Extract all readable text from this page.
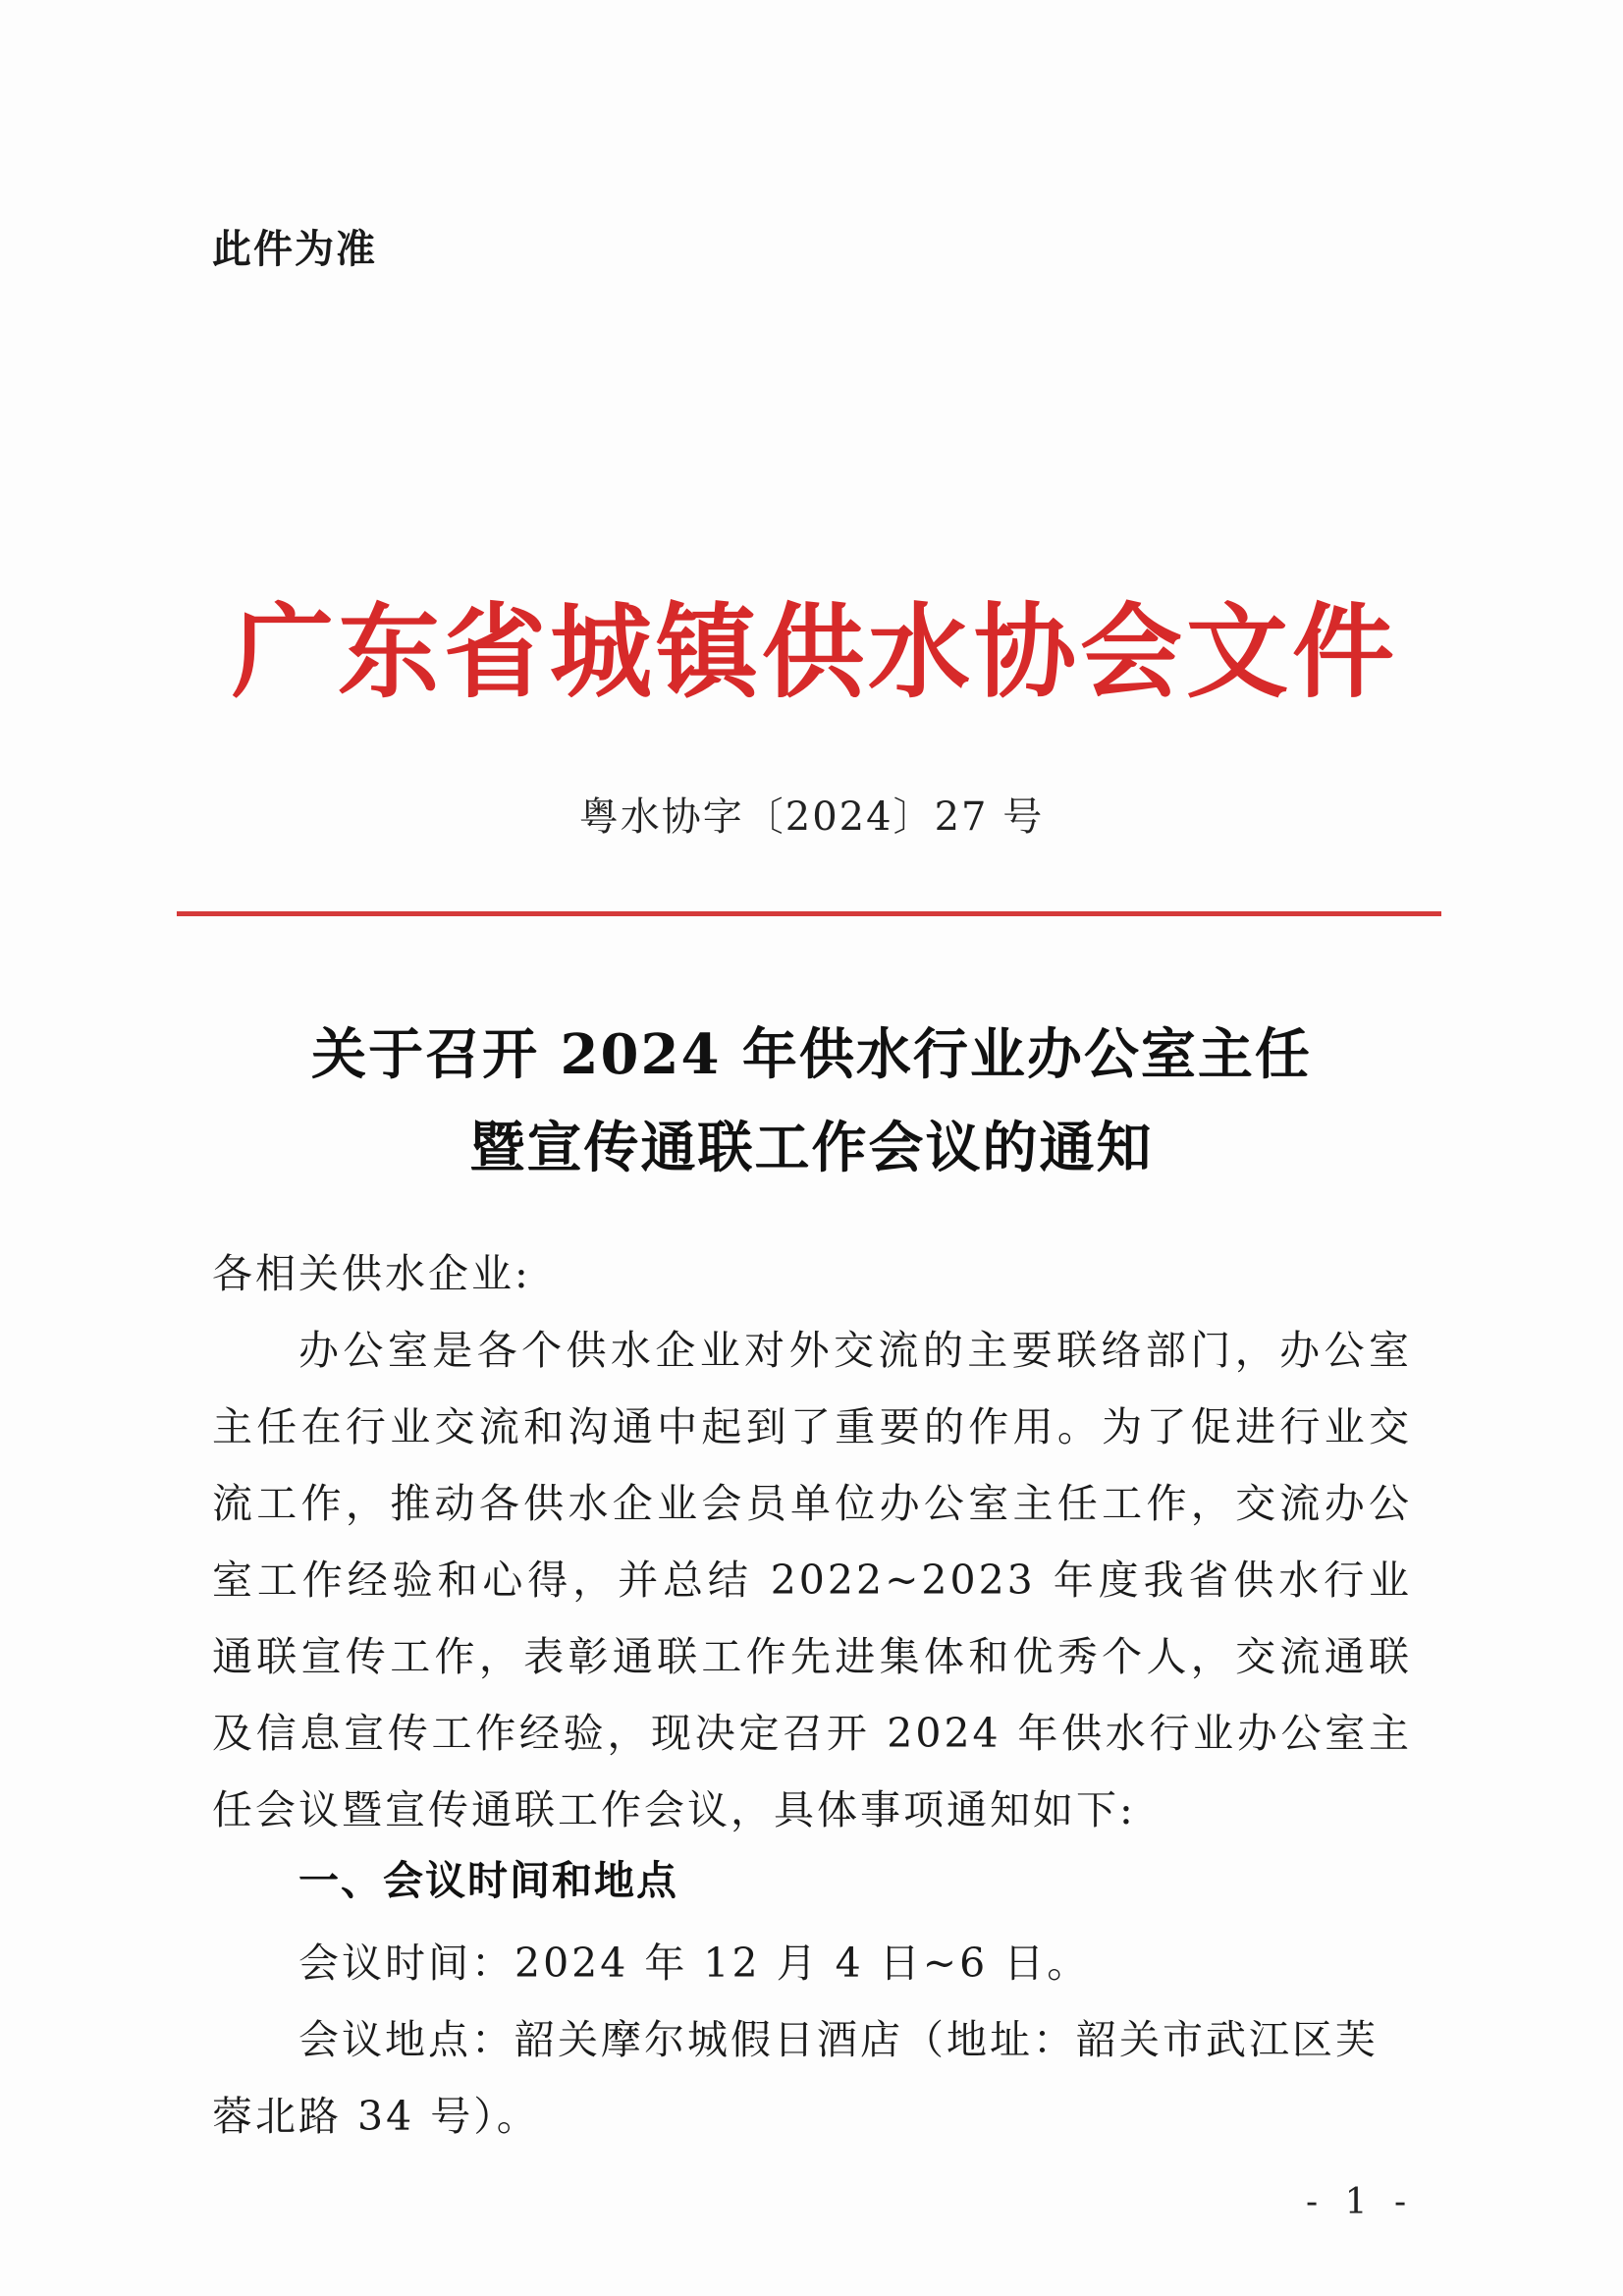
此件为准
广东省城镇供水协会文件
粤水协字〔2024〕27 号
关于召开 2024 年供水行业办公室主任
暨宣传通联工作会议的通知
各相关供水企业:
办公室是各个供水企业对外交流的主要联络部门，办公室主任在行业交流和沟通中起到了重要的作用。为了促进行业交流工作，推动各供水企业会员单位办公室主任工作，交流办公室工作经验和心得，并总结 2022~2023 年度我省供水行业通联宣传工作，表彰通联工作先进集体和优秀个人，交流通联及信息宣传工作经验，现决定召开 2024 年供水行业办公室主任会议暨宣传通联工作会议，具体事项通知如下:
一、会议时间和地点
会议时间：2024 年 12 月 4 日~6 日。
会议地点：韶关摩尔城假日酒店（地址：韶关市武江区芙蓉北路 34 号）。
- 1 -
